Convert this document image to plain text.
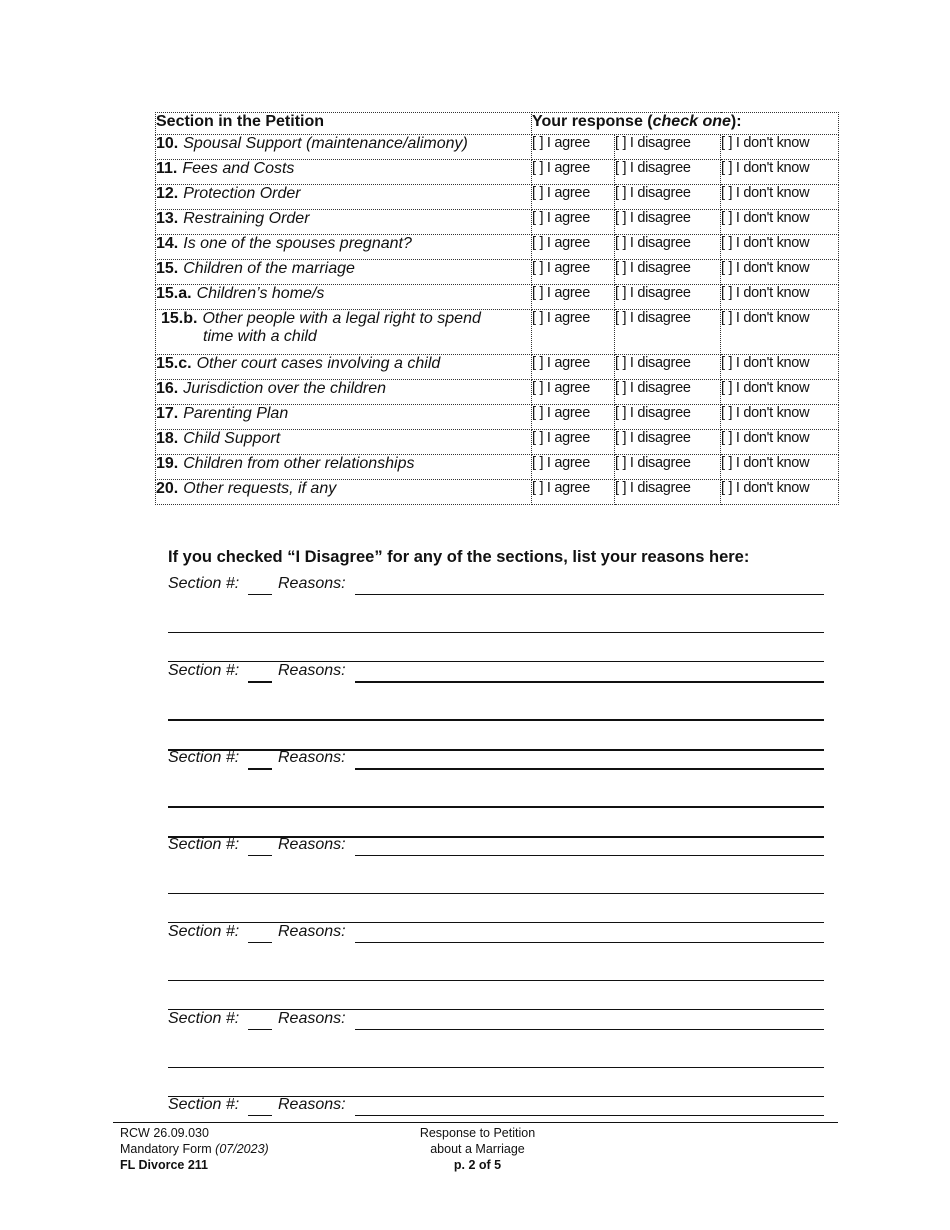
Section in the Petition	Your response (check one):		
10. Spousal Support (maintenance/alimony)	[ ] I agree	[ ] I disagree	[ ] I don't know
11. Fees and Costs	[ ] I agree	[ ] I disagree	[ ] I don't know
12. Protection Order	[ ] I agree	[ ] I disagree	[ ] I don't know
13. Restraining Order	[ ] I agree	[ ] I disagree	[ ] I don't know
14. Is one of the spouses pregnant?	[ ] I agree	[ ] I disagree	[ ] I don't know
15. Children of the marriage	[ ] I agree	[ ] I disagree	[ ] I don't know
15.a. Children’s home/s	[ ] I agree	[ ] I disagree	[ ] I don't know
15.b. Other people with a legal right to spend
time with a child	[ ] I agree	[ ] I disagree	[ ] I don't know
15.c. Other court cases involving a child	[ ] I agree	[ ] I disagree	[ ] I don't know
16. Jurisdiction over the children	[ ] I agree	[ ] I disagree	[ ] I don't know
17. Parenting Plan	[ ] I agree	[ ] I disagree	[ ] I don't know
18. Child Support	[ ] I agree	[ ] I disagree	[ ] I don't know
19. Children from other relationships	[ ] I agree	[ ] I disagree	[ ] I don't know
20. Other requests, if any	[ ] I agree	[ ] I disagree	[ ] I don't know
If you checked “I Disagree” for any of the sections, list your reasons here:
Section #: Reasons:
Section #: Reasons:
Section #: Reasons:
Section #: Reasons:
Section #: Reasons:
Section #: Reasons:
Section #: Reasons:
RCW 26.09.030
Mandatory Form (07/2023)
FL Divorce 211
Response to Petition
about a Marriage
p. 2 of 5
